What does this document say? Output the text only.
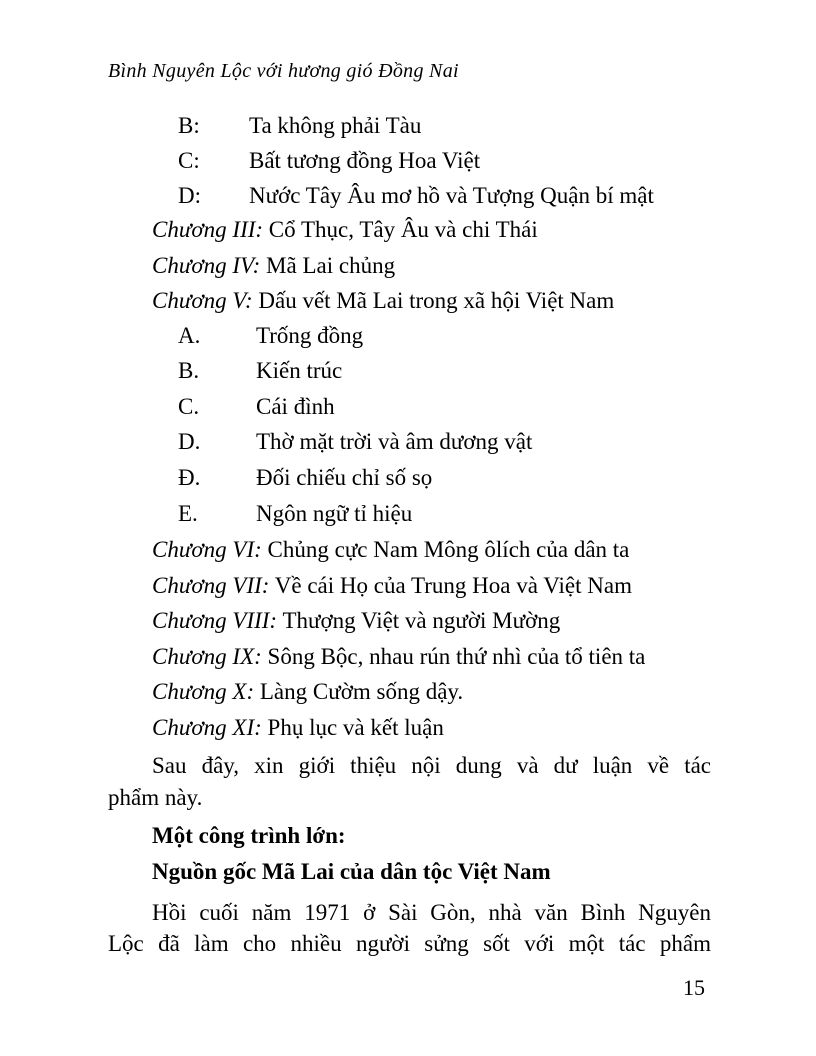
Bình Nguyên Lộc với hương gió Đồng Nai
B: Ta không phải Tàu
C: Bất tương đồng Hoa Việt
D: Nước Tây Âu mơ hồ và Tượng Quận bí mật
Chương III: Cổ Thục, Tây Âu và chi Thái
Chương IV: Mã Lai chủng
Chương V: Dấu vết Mã Lai trong xã hội Việt Nam
A. Trống đồng
B. Kiến trúc
C. Cái đình
D. Thờ mặt trời và âm dương vật
Đ. Đối chiếu chỉ số sọ
E.	Ngôn ngữ tỉ hiệu
Chương VI: Chủng cực Nam Mông ôlích của dân ta
Chương VII: Về cái Họ của Trung Hoa và Việt Nam
Chương VIII: Thượng Việt và người Mường
Chương IX: Sông Bộc, nhau rún thứ nhì của tổ tiên ta
Chương X: Làng Cườm sống dậy.
Chương XI: Phụ lục và kết luận
Sau đây, xin giới thiệu nội dung và dư luận về tác
phẩm này.
Một công trình lớn:
Nguồn gốc Mã Lai của dân tộc Việt Nam
Hồi cuối năm 1971 ở Sài Gòn, nhà văn Bình Nguyên
Lộc đã làm cho nhiều người sửng sốt với một tác phẩm
15
